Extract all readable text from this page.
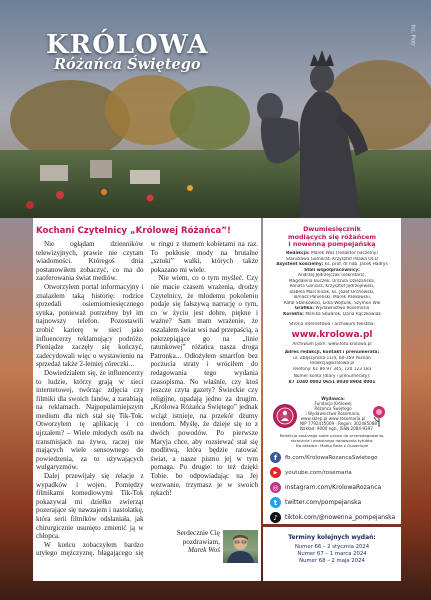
KRÓLOWA
Różańca Świętego
fot. Piotr
Kochani Czytelnicy „Królowej Różańca”!

Nie ogłądam dzienników telewizyjnych, prawie nie czytam wiadomości. Któregoś dnia postanowiłem zobaczyć, co ma do zaoferowania świat mediów.

Otworzyłem portal informacyjny i znalazłem taką historię: rodzice sprzedali osiemiomiesięcznego synka, ponieważ potrzebny był im najnowszy telefon. Pozostawili zrobić karierę w sieci jako influencerzy reklamujący podróże. Pieniądze zaczęły się kończyć, zadecydowali więc o wystawieniu na sprzedaż także 2-letniej córeczki...

Dowiedziałem się, że influencerzy to ludzie, którzy grają w sieci internetowej, twórząc zdjęcia czy filmiki dla swoich fanów, a zarabiają na reklamach. Najpopularniejszym medium dla nich stał się Tik-Tok. Otworzyłem tę aplikację i co ujrzałem? – Wiele młodych osób na transmisjach na żywo, raczej nie mających wiele sensownego do powiedzenia, za to używających wulgaryzmów.

Dalej przewijały się relacje z wypadków i wojen. Pomiędzy filmikami komediowymi Tik-Tok pokazywał mi dziełko zwierząt pozerające się nawzajem i nastolatkę, która serii filmików odsłaniała, jak chirurgicznie usunięto zmienić ją w chłopca.

W końcu zobaczyłem bardzo utyłego mężczyznę, błagającego się w ringu z tłumem kobietami na raz. To pokłosie mody na brutalne „sztuki” walki, których także pokazano mi wiele.

Nie wiem, co o tym myśleć. Czy nie macie czasem wrażenia, drodzy Czytelnicy, że młodemu pokoleniu podaje się fałszywą narrację o tym, co w życiu jest dobre, piękne i ważne? Sam mam wrażenie, że oszalałem świat wsi nad przepaścią, a pokrzepiąjące go na „linie ratunkowej” różańca nasza droga Patronka... Odłożyłem smartfon bez poczucia straty i wróciłem do redagowania tego wydania czasopisma. No właśnie, czy ktoś jeszcze czyta gazety? Świeckie czy religijne, upadają jedno za drugim. „Królowa Różańca Świętego” jednak wciąż istnieje, na przekór dżumy trendom. Myślę, że dzieje się to z dwóch powodów. Po pierwsze Maryja chce, aby rozsiewać stał się modlitwą, która będzie ratować świat, a nasze pismo jej w tym pomaga. Po drugie: to też dzięki Tobie. bo odpowiadając na Jej wezwanie, trzymasz je w swoich rękach!

Serdecznie Cię pozdrawiam,
Marek Woś
Dwumiesięcznik
modlących się różańcem
i nowenną pompejańską
Redakcja: Marek Woś (redaktor naczelny)
Stanisława Gomerat, Krzysztof Pilawa OCD
Asystent kościelny: ks. prof. dr hab. Jacek Hadryś
Stali współpracownicy:
Andrzej Jędrzejczak (sekretarz),
Magdalena Buczek, Urszula Dzieżańska,
Renata Ganiarz, Krzysztof Jędrzejewski,
Izabela Marcinisak, ks. Józef Orchowski,
Tomasz Panieński, Marek Pankowski,
Rafał Stankowski, Lidia Wojtulik, Szymon Wik
Grafika: Wydawnictwo Rosemaria
Korekta: Monika Skwarek, Daria Rączkowiak
Strona internetowa i archiwum tekstów:
www.krolowa.pl
Archiwum pism: www.foto.krolowa.pl
Adres redakcji, kontakt i prenumerata:
ul. Zbąszyńska 11/4, 60-359 Poznań
redakcja@krolowa.pl
Telefony: 61 86 97 345, 720 123 183
Numer konta (dlary i prenumeraty):
87 1040 0002 0651 8030 8904 8001
Wydawca:
Fundacja Królowej
Różańca Świętego
i Wydawnictwo Rosemaria,
www.sklep.pl www.rosemaria.pl
NIP 7792415009 · Regon: 302485088
Nakład: 9000 egz., ISSN 2084-9397
Redakcja zastrzega sobie prawo do przeredagowania,
skracania i dowolnego nadawania tytułów.
Na okładce: Matka Boża z Guadelupe
f	fb.com/KrolowaRozancaSwietego
▶	youtube.com/rosemaria
◎	instagram.com/KrolowaRozanca
t	twitter.com/pompejanska
♪	tiktok.com/@nowenna_pompejanska
Terminy kolejnych wydań:
Numer 66 – 2 stycznia 2024
Numer 67 – 1 marca 2024
Numer 68 – 2 maja 2024
